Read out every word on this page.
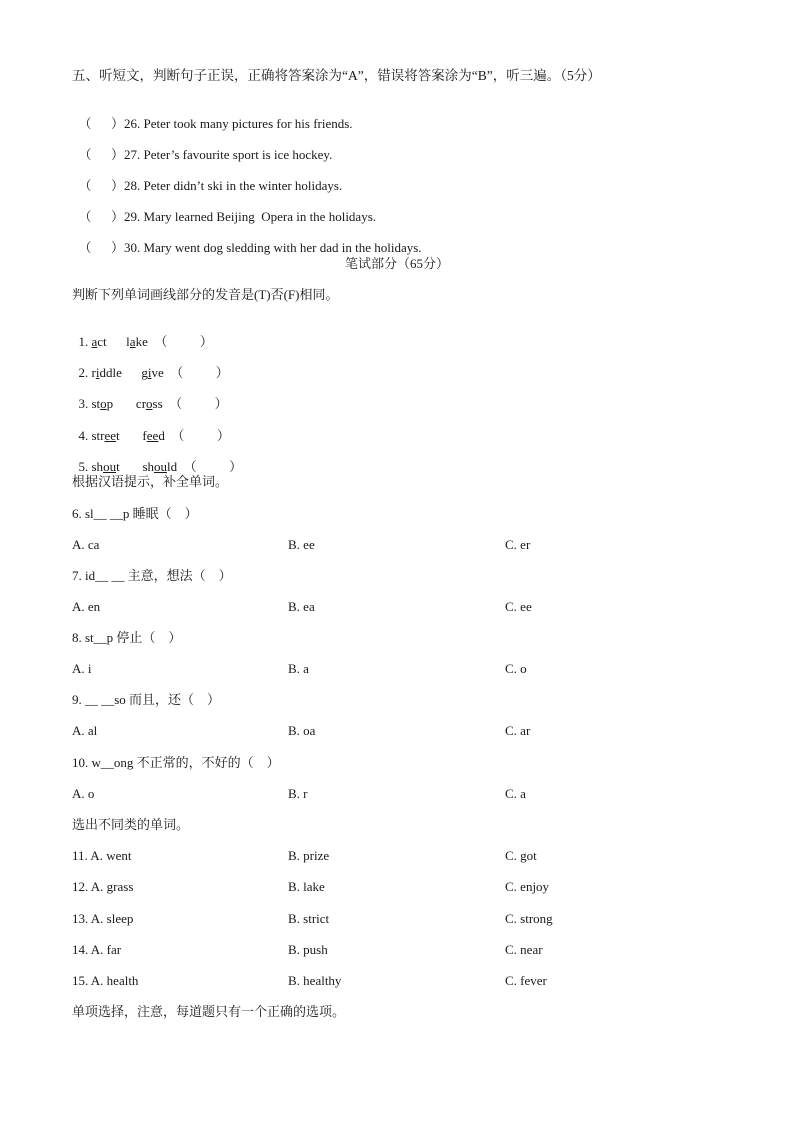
五、听短文，判断句子正误，正确将答案涂为“A”，错误将答案涂为“B”，听三遍。（5分）

（      ）26. Peter took many pictures for his friends.

（      ）27. Peter’s favourite sport is ice hockey.

（      ）28. Peter didn’t ski in the winter holidays.

（      ）29. Mary learned Beijing  Opera in the holidays.

（      ）30. Mary went dog sledding with her dad in the holidays.

笔试部分（65分）
判断下列单词画线部分的发音是(T)否(F)相同。

1. act lake （          ）

2. riddle give （          ）

3. stop cross （          ）

4. street feed （          ）

5. shout should （          ）

根据汉语提示，补全单词。
6. sl__ __p 睡眠（    ）
A. ca	B. ee	C. er
7. id__ __ 主意，想法（    ）
A. en	B. ea	C. ee
8. st__p 停止（    ）
A. i	B. a	C. o
9. __ __so 而且，还（    ）
A. al	B. oa	C. ar
10. w__ong 不正常的，不好的（    ）
A. o	B. r	C. a
选出不同类的单词。
11. A. went	B. prize	C. got
12. A. grass	B. lake	C. enjoy
13. A. sleep	B. strict	C. strong
14. A. far	B. push	C. near
15. A. health	B. healthy	C. fever
单项选择，注意，每道题只有一个正确的选项。
